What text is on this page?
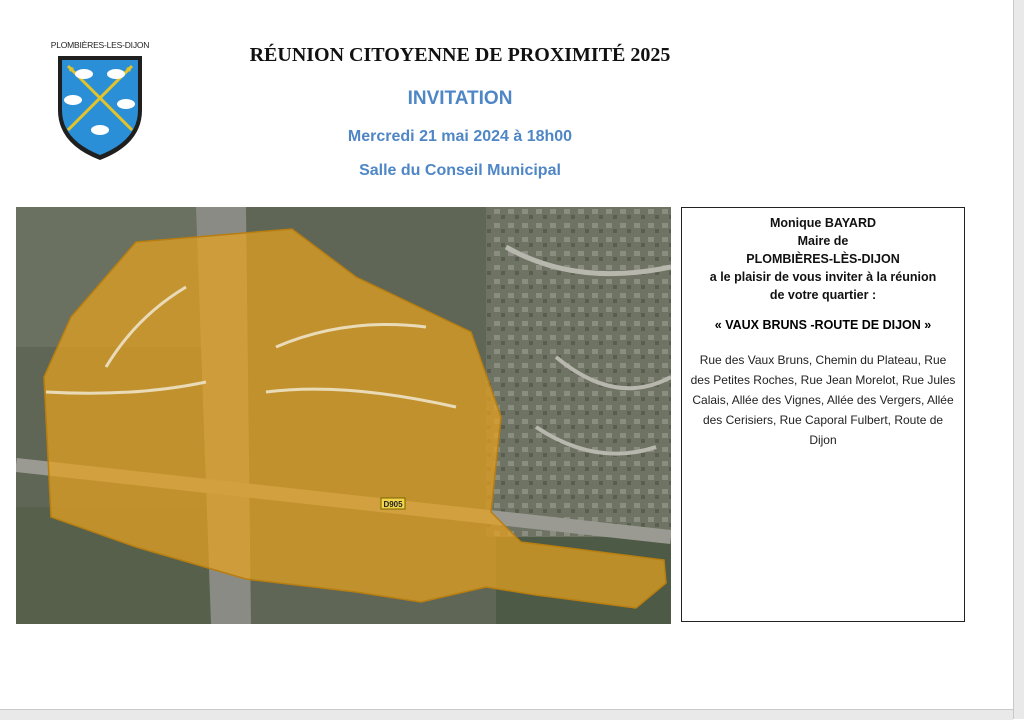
PLOMBIÈRES-LES-DIJON	RÉUNION CITOYENNE DE PROXIMITÉ 2025
INVITATION
Mercredi 21 mai 2024 à 18h00
Salle du Conseil Municipal
D905
Monique BAYARD
Maire de
PLOMBIÈRES-LÈS-DIJON
a le plaisir de vous inviter à la réunion
de votre quartier :
« VAUX BRUNS -ROUTE DE DIJON »
Rue des Vaux Bruns, Chemin du Plateau, Rue des Petites Roches, Rue Jean Morelot, Rue Jules Calais, Allée des Vignes, Allée des Vergers, Allée des Cerisiers, Rue Caporal Fulbert, Route de Dijon
